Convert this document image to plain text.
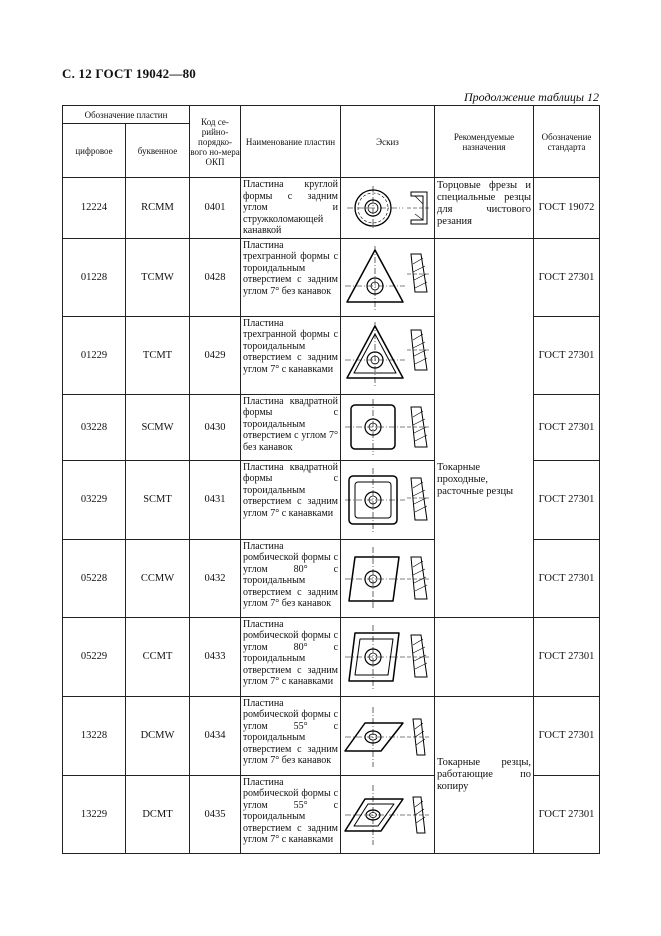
С. 12 ГОСТ 19042—80
Продолжение таблицы 12
Обозначение пластин		Код се-рийно-порядко-вого но-мера ОКП	Наименование пластин	Эскиз	Рекомендуемые назначения	Обозначение стандарта
цифровое	буквенное					
12224	RCMM	0401	Пластина круглой формы с задним углом и стружколомающей канавкой		Торцовые фрезы и специальные резцы для чистового резания	ГОСТ 19072
01228	TCMW	0428	Пластина трехгранной формы с тороидальным отверстием с задним углом 7° без канавок			ГОСТ 27301
01229	TCMT	0429	Пластина трехгранной формы с тороидальным отверстием с задним углом 7° с канавками			ГОСТ 27301
03228	SCMW	0430	Пластина квадратной формы с тороидальным отверстием с углом 7° без канавок			ГОСТ 27301
03229	SCMT	0431	Пластина квадратной формы с тороидальным отверстием с задним углом 7° с канавками		Токарные проходные, расточные резцы	ГОСТ 27301
05228	CCMW	0432	Пластина ромбической формы с углом 80° с тороидальным отверстием с задним углом 7° без канавок			ГОСТ 27301
05229	CCMT	0433	Пластина ромбической формы с углом 80° с тороидальным отверстием с задним углом 7° с канавками			ГОСТ 27301
13228	DCMW	0434	Пластина ромбической формы с углом 55° с тороидальным отверстием с задним углом 7° без канавок		Токарные резцы, работающие по копиру	ГОСТ 27301
13229	DCMT	0435	Пластина ромбической формы с углом 55° с тороидальным отверстием с задним углом 7° с канавками			ГОСТ 27301
